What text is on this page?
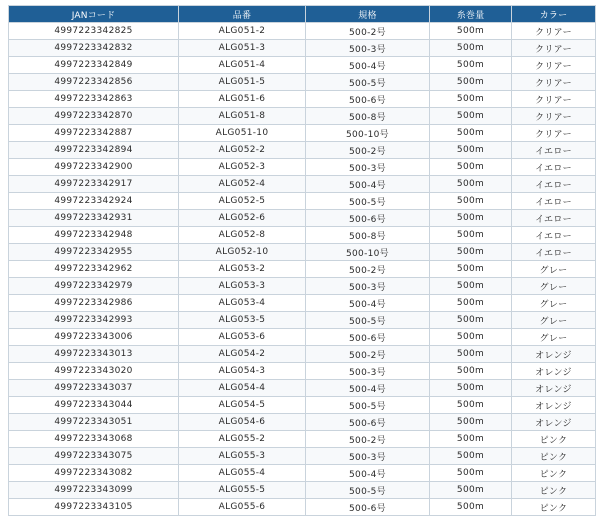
JANコード	品番	規格	糸巻量	カラー
4997223342825	ALG051-2	500-2号	500m	クリアー
4997223342832	ALG051-3	500-3号	500m	クリアー
4997223342849	ALG051-4	500-4号	500m	クリアー
4997223342856	ALG051-5	500-5号	500m	クリアー
4997223342863	ALG051-6	500-6号	500m	クリアー
4997223342870	ALG051-8	500-8号	500m	クリアー
4997223342887	ALG051-10	500-10号	500m	クリアー
4997223342894	ALG052-2	500-2号	500m	イエロー
4997223342900	ALG052-3	500-3号	500m	イエロー
4997223342917	ALG052-4	500-4号	500m	イエロー
4997223342924	ALG052-5	500-5号	500m	イエロー
4997223342931	ALG052-6	500-6号	500m	イエロー
4997223342948	ALG052-8	500-8号	500m	イエロー
4997223342955	ALG052-10	500-10号	500m	イエロー
4997223342962	ALG053-2	500-2号	500m	グレー
4997223342979	ALG053-3	500-3号	500m	グレー
4997223342986	ALG053-4	500-4号	500m	グレー
4997223342993	ALG053-5	500-5号	500m	グレー
4997223343006	ALG053-6	500-6号	500m	グレー
4997223343013	ALG054-2	500-2号	500m	オレンジ
4997223343020	ALG054-3	500-3号	500m	オレンジ
4997223343037	ALG054-4	500-4号	500m	オレンジ
4997223343044	ALG054-5	500-5号	500m	オレンジ
4997223343051	ALG054-6	500-6号	500m	オレンジ
4997223343068	ALG055-2	500-2号	500m	ピンク
4997223343075	ALG055-3	500-3号	500m	ピンク
4997223343082	ALG055-4	500-4号	500m	ピンク
4997223343099	ALG055-5	500-5号	500m	ピンク
4997223343105	ALG055-6	500-6号	500m	ピンク
